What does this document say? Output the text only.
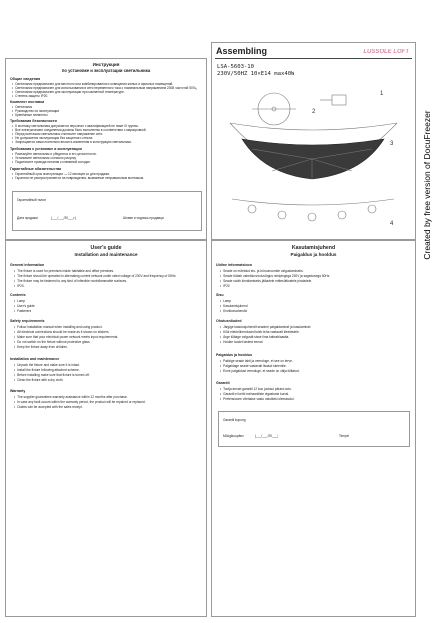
Created by free version of DocuFreezer
Инструкция
по установке и эксплуатации светильника
Общие сведения
• Светильник предназначен для местного или комбинированного освещения жилых и офисных помещений.
• Светильник предназначен для использования в сети переменного тока с номинальным напряжением 230В частотой 50Гц.
• Светильник предназначен для эксплуатации при комнатной температуре.
• Степень защиты IP20.
Комплект поставки
• Светильник
• Руководство по эксплуатации
• Крепёжные элементы
Требования безопасности
• К монтажу светильника допускается персонал с квалификацией не ниже III группы.
• Все электрические соединения должны быть выполнены в соответствии с маркировкой.
• Перед монтажом светильника отключите напряжение сети.
• Не допускается эксплуатация без защитного стекла.
• Запрещается самостоятельно вносить изменения в конструкцию светильника.
Требования к установке и эксплуатации
• Распакуйте светильник и убедитесь в его целостности.
• Установите светильник согласно рисунку.
• Подключите провода питания к клеммной колодке.
Гарантийные обязательства
• Гарантийный срок эксплуатации — 12 месяцев со дня продажи.
• Гарантия не распространяется на повреждения, вызванные неправильным монтажом.
Гарантийный талон
Дата продажи	(___/___/20___г.)	Штамп и подпись продавца
Assembling	LUSSOLE LOFT
LSA-5603-10
230V/50HZ 10×E14 max40W
1
2
3
4
User's guide
Installation and maintenance
General information
• The fixture is used for premises inside habitable and office premises.
• The fixture should be operated in alternating current network under rated voltage of 230V and frequency of 50Hz.
• The fixture may be fastened to any kind of inflexible noninflammable surfaces.
• IP20.
Contents
• Lamp
• User's guide
• Fasteners
Safety requirements
• Follow installation manual when installing and using product.
• All electrical connections should be made as it shown on stickers.
• Make sure that your electrical power network meets input requirements.
• Do not switch on the fixture without protective glass.
• Keep the fixture away from children.
Installation and maintenance
• Unpack the fixture and make sure it is intact.
• Install the fixture following attached scheme.
• Before installing make sure that fixture is turned off.
• Clean the fixture with a dry cloth.
Warranty
• The supplier guarantees warranty assistance within 12 months after purchase.
• In case any fault occurs within the warranty period, the product will be repaired or replaced.
• Claims can be accepted with the sales receipt.
Kasutamisjuhend
Paigaldus ja hooldus
Üldine informatsioon
• Seade on mõeldud elu- ja bürooruumide valgustamiseks.
• Seade töötab vahelduvvooluvõrgus nimipingega 230V ja sagedusega 50Hz.
• Seade sobib kinnitamiseks jäikadele mittesüttivatele pindadele.
• IP20
Sisu
• Lamp
• Kasutamisjuhend
• Kinnitusvahendid
Ohutusnõuded
• Järgige kasutusjuhendit seadme paigaldamisel ja kasutamisel.
• Kõik elektriühendused tuleb teha vastavalt kleebistele.
• Ärge lülitage valgustit sisse ilma kaitseklaasita.
• Hoidke toodet lastest eemal.
Paigaldus ja hooldus
• Pakkige seade lahti ja veenduge, et see on terve.
• Paigaldage seade vastavalt lisatud skeemile.
• Enne paigaldust veenduge, et seade on välja lülitatud.
Garantii
• Tootja annab garantii 12 kuu jooksul pärast ostu.
• Garantii ei kehti mehaaniliste vigastuste korral.
• Pretensioone võetakse vastu ostutšeki olemasolul.
Garantii kupong
Müügikuupäev	(___/___/20___)	Tempel
